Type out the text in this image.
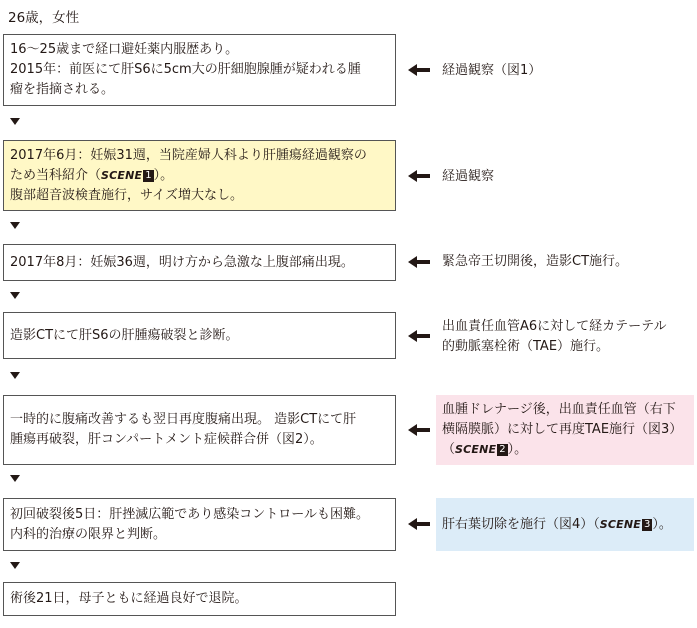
26歳，女性
16～25歳まで経口避妊薬内服歴あり。
2015年：前医にて肝S6に5cm大の肝細胞腺腫が疑われる腫
瘤を指摘される。
経過観察（図1）
2017年6月：妊娠31週，当院産婦人科より肝腫瘍経過観察の
ため当科紹介（SCENE 1 ）。
腹部超音波検査施行，サイズ増大なし。
経過観察
2017年8月：妊娠36週，明け方から急激な上腹部痛出現。	緊急帝王切開後，造影CT施行。
造影CTにて肝S6の肝腫瘍破裂と診断。
出血責任血管A6に対して経カテーテル
的動脈塞栓術（TAE）施行。
一時的に腹痛改善するも翌日再度腹痛出現。 造影CTにて肝
腫瘍再破裂，肝コンパートメント症候群合併（図2）。
血腫ドレナージ後，出血責任血管（右下
横隔膜脈）に対して再度TAE施行（図3）
（SCENE 2 ）。
初回破裂後5日：肝挫滅広範であり感染コントロールも困難。
内科的治療の限界と判断。
肝右葉切除を施行（図4）（SCENE 3 ）。
術後21日，母子ともに経過良好で退院。
